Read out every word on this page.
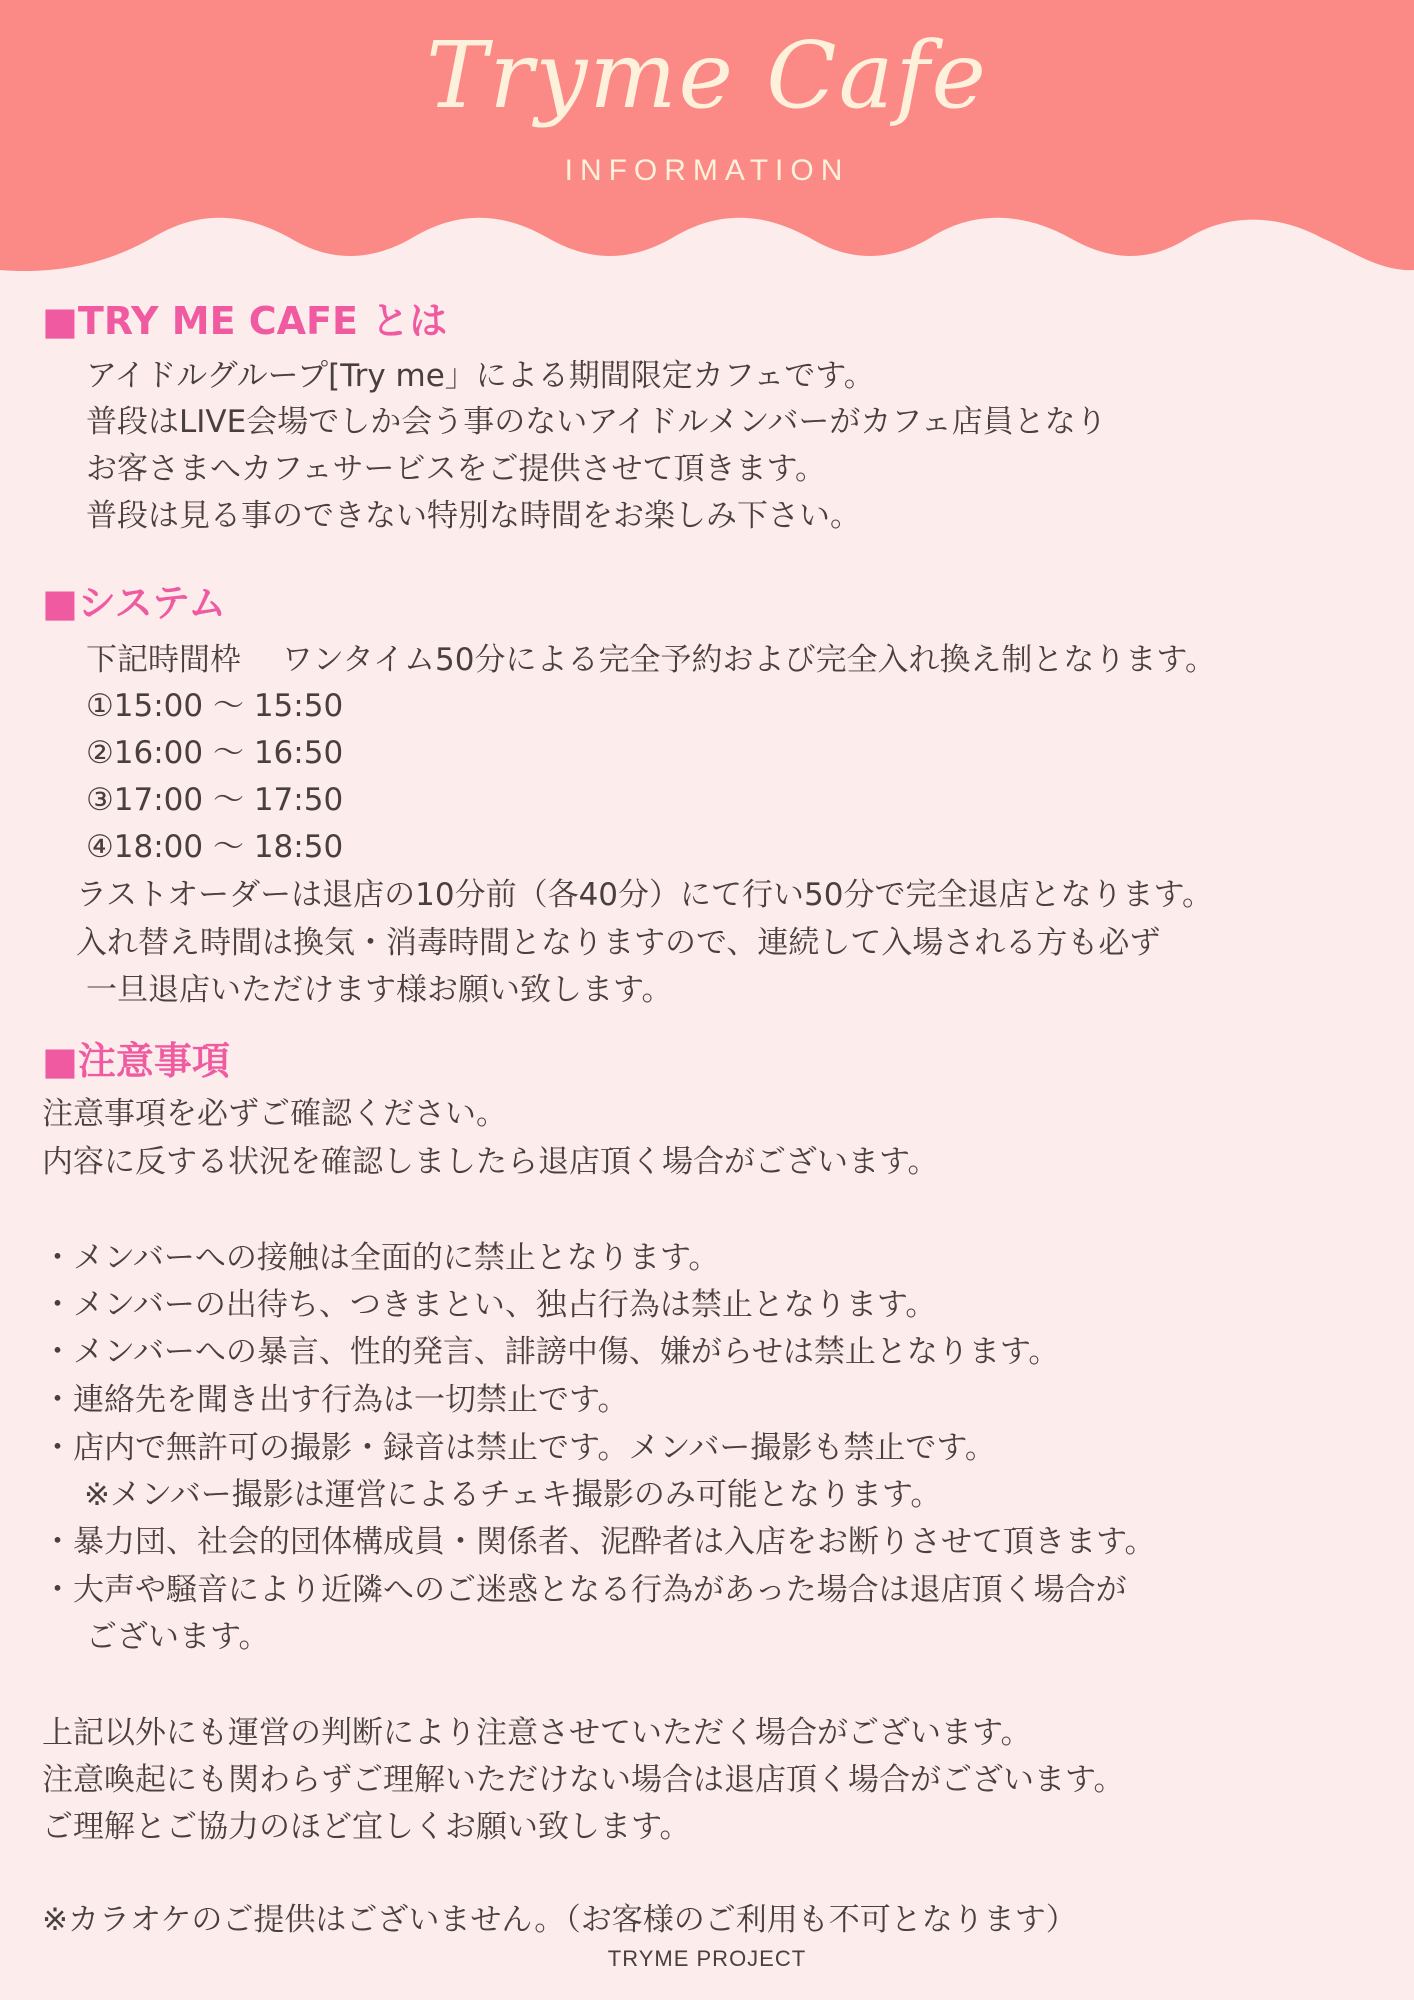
Tryme Cafe
INFORMATION
■TRY ME CAFE とは
アイドルグループ[Try me」による期間限定カフェです。
普段はLIVE会場でしか会う事のないアイドルメンバーがカフェ店員となり
お客さまへカフェサービスをご提供させて頂きます。
普段は見る事のできない特別な時間をお楽しみ下さい。
■システム
下記時間枠　 ワンタイム50分による完全予約および完全入れ換え制となります。
①15:00 〜 15:50
②16:00 〜 16:50
③17:00 〜 17:50
④18:00 〜 18:50
ラストオーダーは退店の10分前（各40分）にて行い50分で完全退店となります。
入れ替え時間は換気・消毒時間となりますので、連続して入場される方も必ず
一旦退店いただけます様お願い致します。
■注意事項
注意事項を必ずご確認ください。
内容に反する状況を確認しましたら退店頂く場合がございます。
・メンバーへの接触は全面的に禁止となります。
・メンバーの出待ち、つきまとい、独占行為は禁止となります。
・メンバーへの暴言、性的発言、誹謗中傷、嫌がらせは禁止となります。
・連絡先を聞き出す行為は一切禁止です。
・店内で無許可の撮影・録音は禁止です。メンバー撮影も禁止です。
※メンバー撮影は運営によるチェキ撮影のみ可能となります。
・暴力団、社会的団体構成員・関係者、泥酔者は入店をお断りさせて頂きます。
・大声や騒音により近隣へのご迷惑となる行為があった場合は退店頂く場合が
ございます。
上記以外にも運営の判断により注意させていただく場合がございます。
注意喚起にも関わらずご理解いただけない場合は退店頂く場合がございます。
ご理解とご協力のほど宜しくお願い致します。
※カラオケのご提供はございません。（お客様のご利用も不可となります）
TRYME PROJECT
